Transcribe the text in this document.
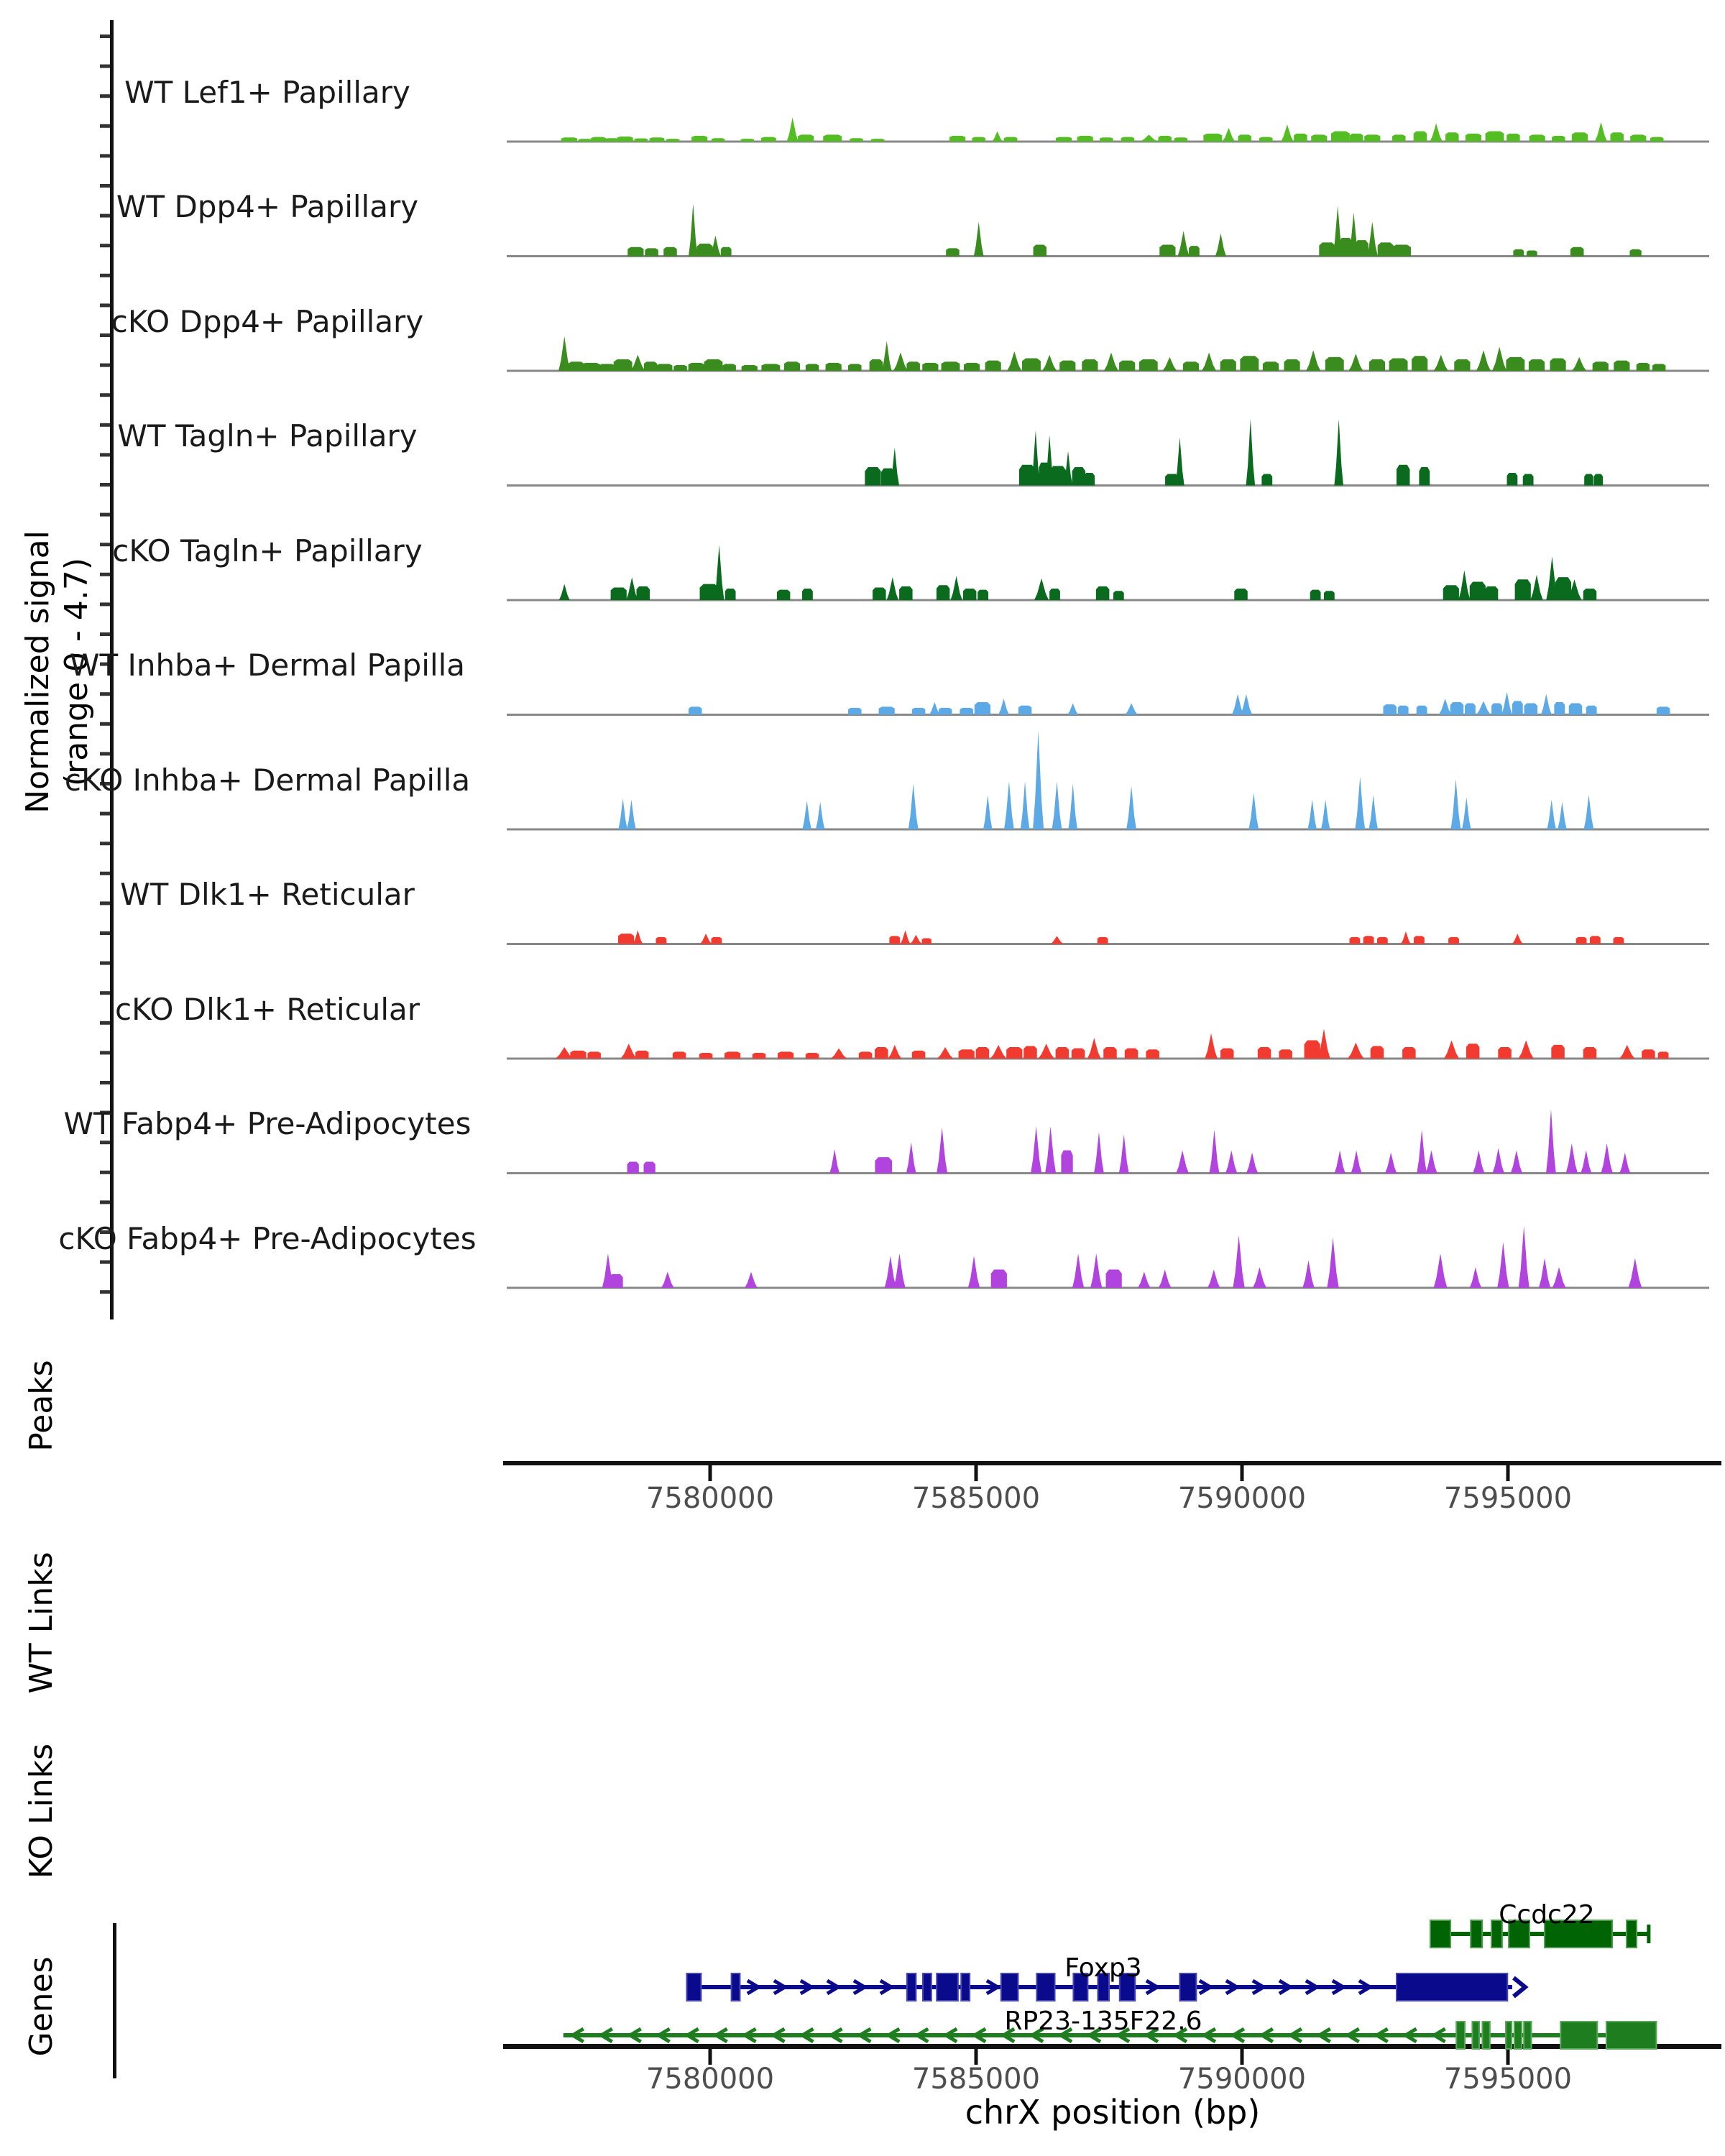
Normalized signal (range 0 - 4.7)
WT Lef1+ Papillary
WT Dpp4+ Papillary
cKO Dpp4+ Papillary
WT Tagln+ Papillary
cKO Tagln+ Papillary
WT Inhba+ Dermal Papilla
cKO Inhba+ Dermal Papilla
WT Dlk1+ Reticular
cKO Dlk1+ Reticular
WT Fabp4+ Pre-Adipocytes
cKO Fabp4+ Pre-Adipocytes
Peaks
WT Links
KO Links
Genes
7580000	7585000	7590000	7595000
Ccdc22
Foxp3
RP23-135F22.6
7580000	7585000	7590000	7595000
chrX position (bp)
